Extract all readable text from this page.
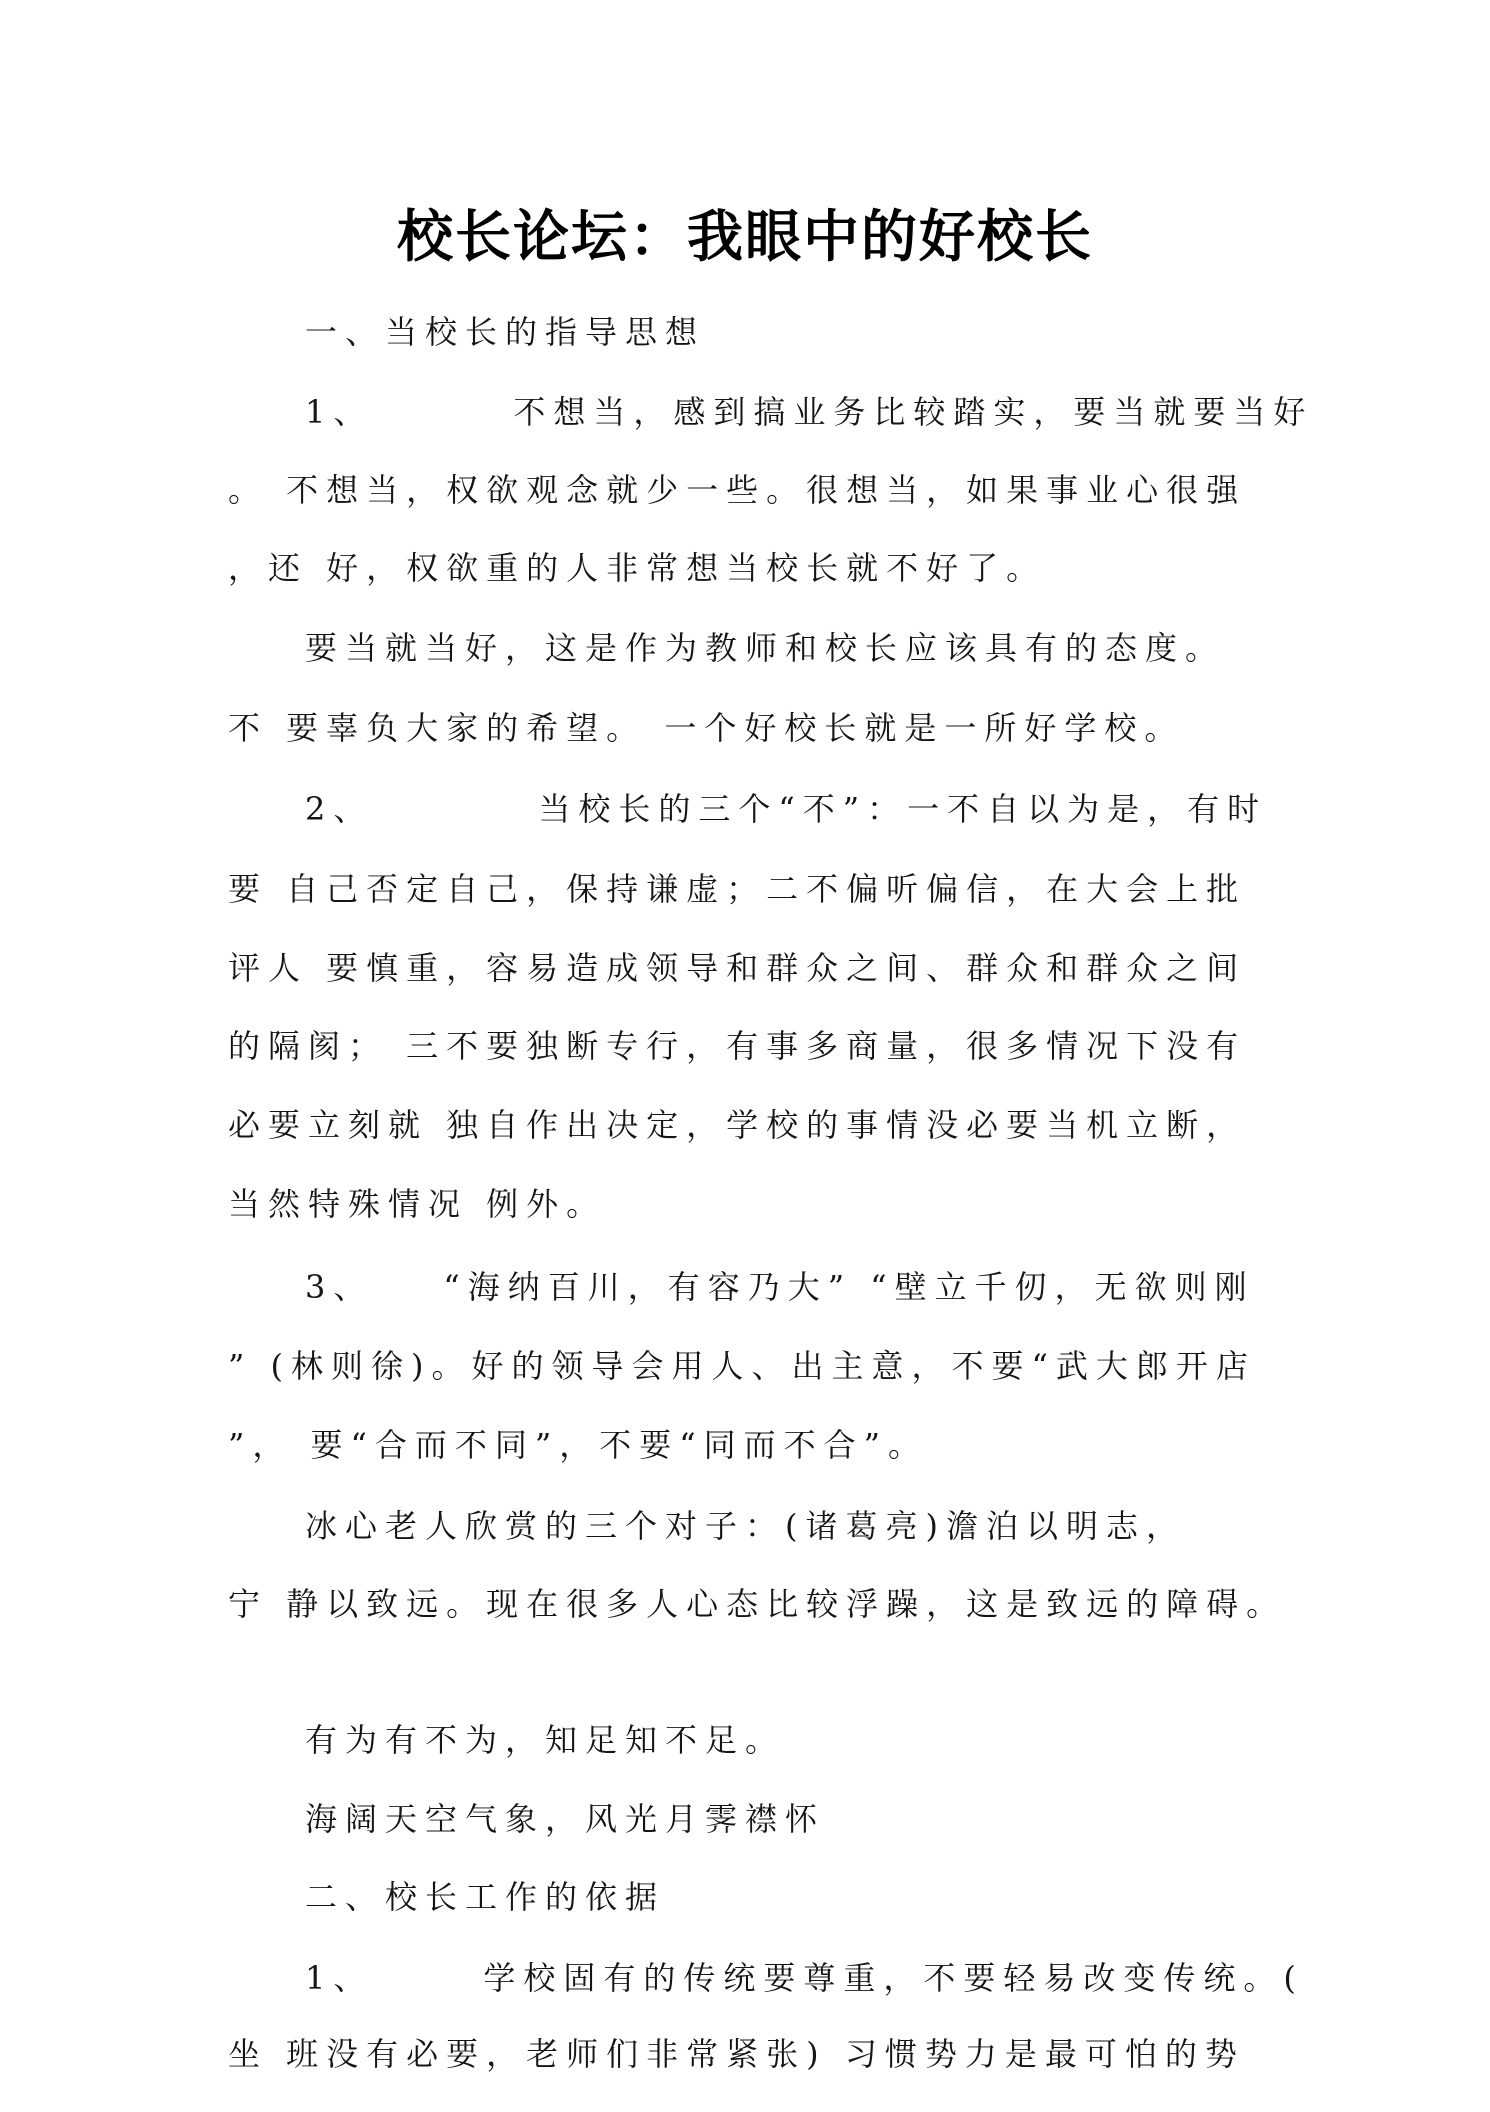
校长论坛：我眼中的好校长
一、当校长的指导思想
1、	不想当，感到搞业务比较踏实，要当就要当好
。 不想当，权欲观念就少一些。很想当，如果事业心很强
，还 好，权欲重的人非常想当校长就不好了。
要当就当好，这是作为教师和校长应该具有的态度。
不 要辜负大家的希望。 一个好校长就是一所好学校。
2、	当校长的三个“不”：一不自以为是，有时
要 自己否定自己，保持谦虚；二不偏听偏信，在大会上批
评人 要慎重，容易造成领导和群众之间、群众和群众之间
的隔阂； 三不要独断专行，有事多商量，很多情况下没有
必要立刻就 独自作出决定，学校的事情没必要当机立断，
当然特殊情况 例外。
3、 “海纳百川，有容乃大” “壁立千仞，无欲则刚
” (林则徐)。好的领导会用人、出主意，不要“武大郎开店
”， 要“合而不同”，不要“同而不合”。
冰心老人欣赏的三个对子：(诸葛亮)澹泊以明志，
宁 静以致远。现在很多人心态比较浮躁，这是致远的障碍。
有为有不为，知足知不足。
海阔天空气象，风光月霁襟怀
二、校长工作的依据
1、	学校固有的传统要尊重，不要轻易改变传统。(
坐 班没有必要，老师们非常紧张) 习惯势力是最可怕的势
